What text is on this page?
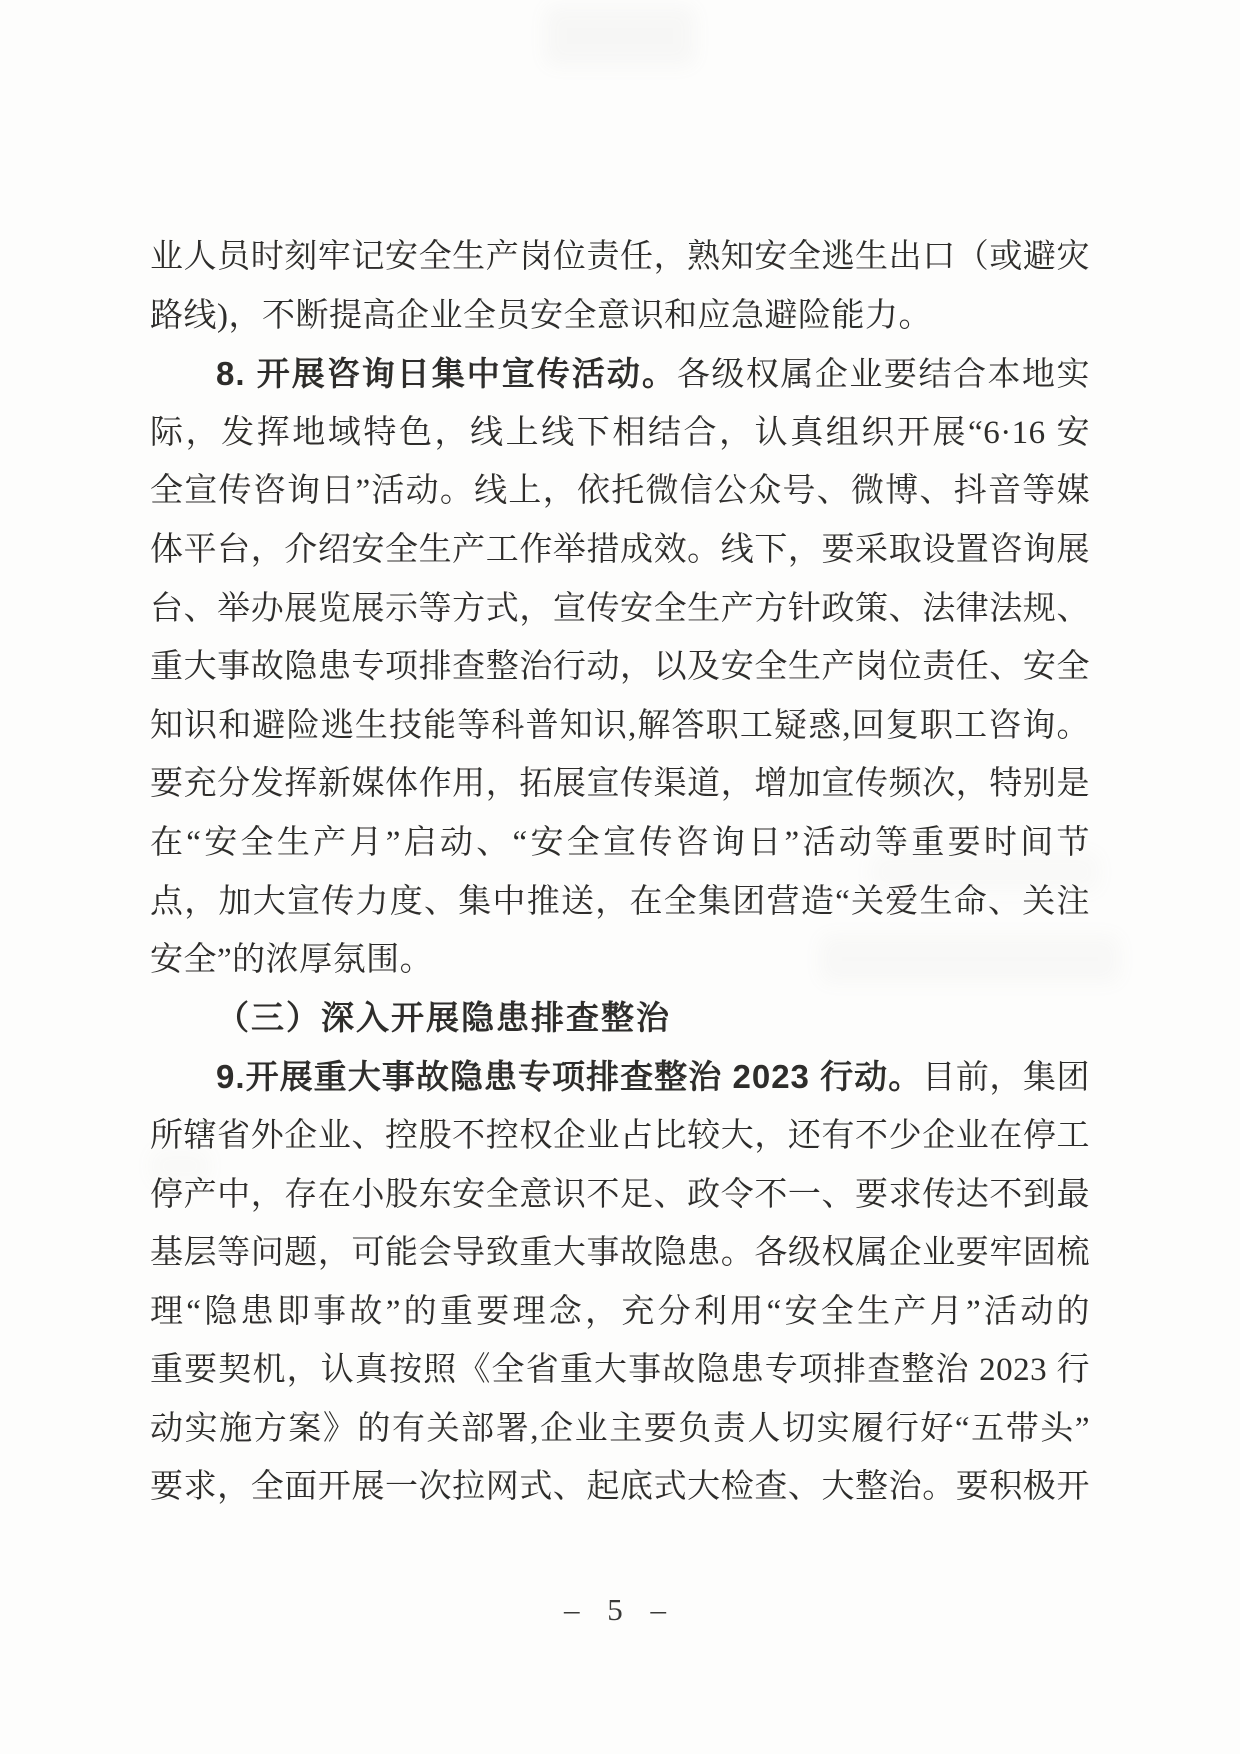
业人员时刻牢记安全生产岗位责任，熟知安全逃生出口（或避灾
路线)，不断提高企业全员安全意识和应急避险能力。
8. 开展咨询日集中宣传活动。各级权属企业要结合本地实
际，发挥地域特色，线上线下相结合，认真组织开展“6·16 安
全宣传咨询日”活动。线上，依托微信公众号、微博、抖音等媒
体平台，介绍安全生产工作举措成效。线下，要采取设置咨询展
台、举办展览展示等方式，宣传安全生产方针政策、法律法规、
重大事故隐患专项排查整治行动，以及安全生产岗位责任、安全
知识和避险逃生技能等科普知识,解答职工疑惑,回复职工咨询。
要充分发挥新媒体作用，拓展宣传渠道，增加宣传频次，特别是
在“安全生产月”启动、“安全宣传咨询日”活动等重要时间节
点，加大宣传力度、集中推送，在全集团营造“关爱生命、关注
安全”的浓厚氛围。
（三）深入开展隐患排查整治
9.开展重大事故隐患专项排查整治 2023 行动。目前，集团
所辖省外企业、控股不控权企业占比较大，还有不少企业在停工
停产中，存在小股东安全意识不足、政令不一、要求传达不到最
基层等问题，可能会导致重大事故隐患。各级权属企业要牢固梳
理“隐患即事故”的重要理念，充分利用“安全生产月”活动的
重要契机，认真按照《全省重大事故隐患专项排查整治 2023 行
动实施方案》的有关部署,企业主要负责人切实履行好“五带头”
要求，全面开展一次拉网式、起底式大检查、大整治。要积极开
– 5 –
